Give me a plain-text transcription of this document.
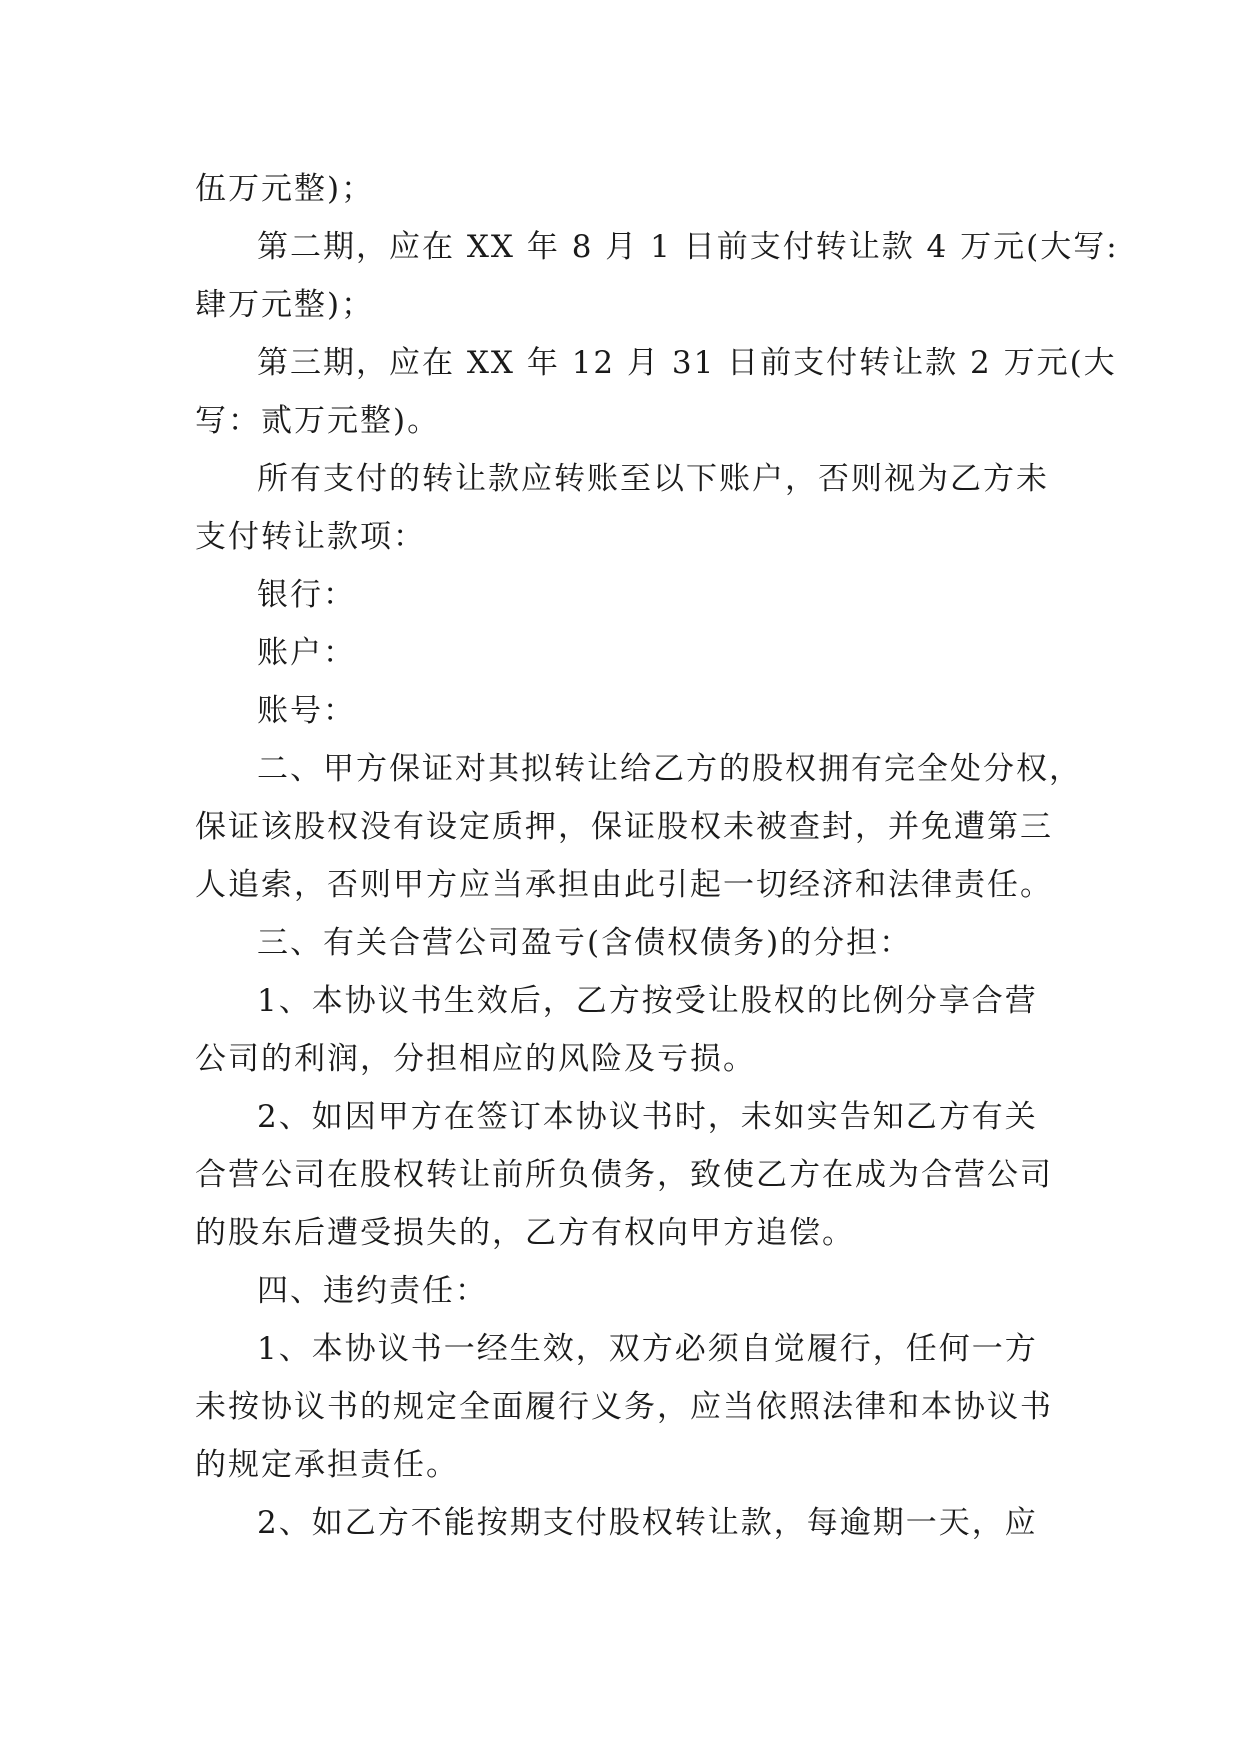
伍万元整)；
第二期，应在 XX 年 8 月 1 日前支付转让款 4 万元(大写:
肆万元整)；
第三期，应在 XX 年 12 月 31 日前支付转让款 2 万元(大
写：贰万元整)。
所有支付的转让款应转账至以下账户，否则视为乙方未
支付转让款项：
银行：
账户：
账号：
二、甲方保证对其拟转让给乙方的股权拥有完全处分权，
保证该股权没有设定质押，保证股权未被查封，并免遭第三
人追索，否则甲方应当承担由此引起一切经济和法律责任。
三、有关合营公司盈亏(含债权债务)的分担：
1、本协议书生效后，乙方按受让股权的比例分享合营
公司的利润，分担相应的风险及亏损。
2、如因甲方在签订本协议书时，未如实告知乙方有关
合营公司在股权转让前所负债务，致使乙方在成为合营公司
的股东后遭受损失的，乙方有权向甲方追偿。
四、违约责任：
1、本协议书一经生效，双方必须自觉履行，任何一方
未按协议书的规定全面履行义务，应当依照法律和本协议书
的规定承担责任。
2、如乙方不能按期支付股权转让款，每逾期一天，应
